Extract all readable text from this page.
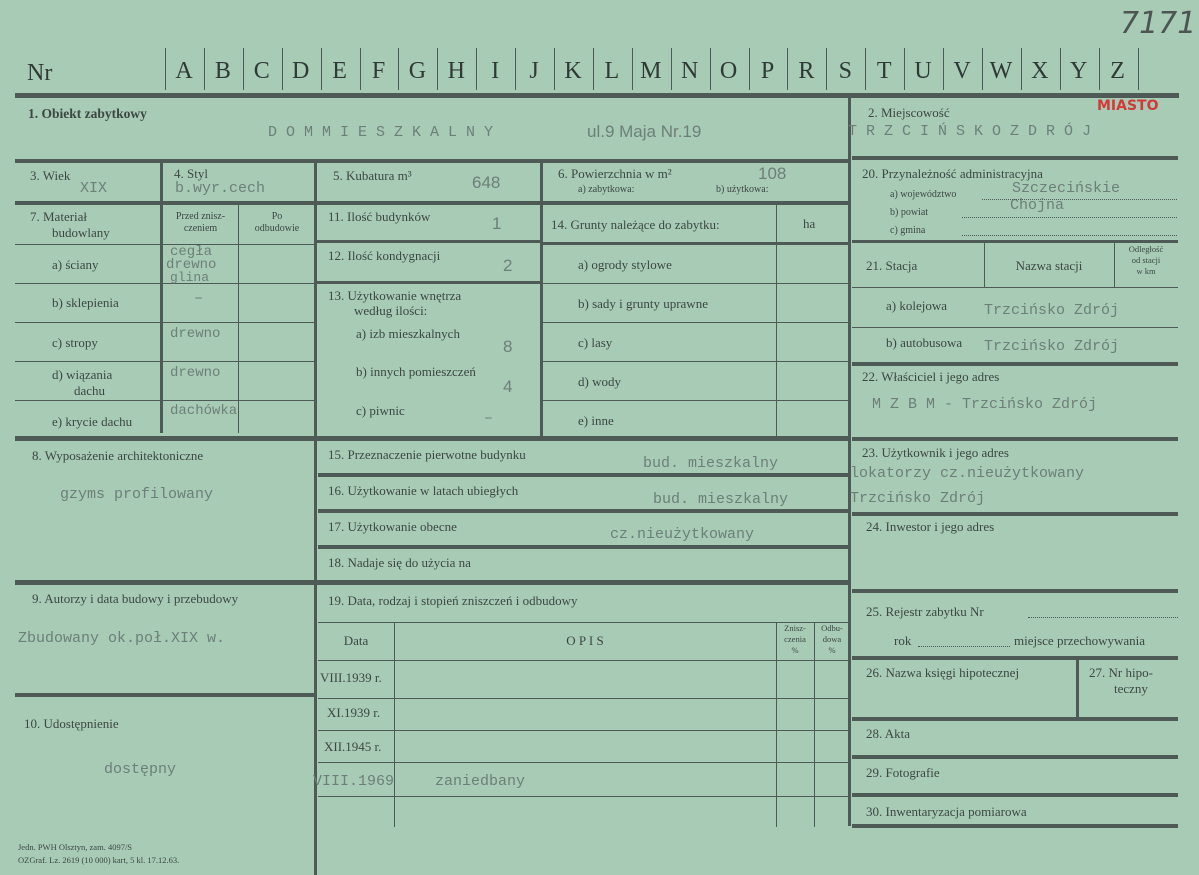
Nr	A B C D E	F G H	I	J	K L M N O P	R	S	T U V W X Y Z
7171
1. Obiekt zabytkowy
D O M M I E S Z K A L N Y	ul.9 Maja Nr.19
2. Miejscowość	MIASTO
T R Z C I Ń S K O Z D R Ó J
3. Wiek
XIX
4. Styl
b.wyr.cech
5. Kubatura m³	648	6. Powierzchnia w m²
a) zabytkowa:	b) użytkowa:
108
7. Materiał
budowlany
Przed znisz-
czeniem
Po
odbudowie
a) ściany
cegła
drewno
glina
b) sklepienia	–
c) stropy
drewno
d) wiązania
dachu
drewno
e) krycie dachu
dachówka
11. Ilość budynków	1
12. Ilość kondygnacji
2
13. Użytkowanie wnętrza
według ilości:
a) izb mieszkalnych
8
b) innych pomieszczeń
4
c) piwnic	–
14. Grunty należące do zabytku:	ha
a) ogrody stylowe
b) sady i grunty uprawne
c) lasy
d) wody
e) inne
8. Wyposażenie architektoniczne
gzyms profilowany
9. Autorzy i data budowy i przebudowy
Zbudowany ok.poł.XIX w.
10. Udostępnienie
dostępny
15. Przeznaczenie pierwotne budynku
bud. mieszkalny
16. Użytkowanie w latach ubiegłych
bud. mieszkalny
17. Użytkowanie obecne	cz.nieużytkowany
18. Nadaje się do użycia na
19. Data, rodzaj i stopień zniszczeń i odbudowy
Data	O P I S
Znisz-
czenia
%
Odbu-
dowa
%
VIII.1939 r.
XI.1939 r.
XII.1945 r.
VIII.1969	zaniedbany
20. Przynależność administracyjna
a) województwo	Szczecińskie
b) powiat	Chojna
c) gmina
21. Stacja	Nazwa stacji
Odległość
od stacji
w km
a) kolejowa Trzcińsko Zdrój
b) autobusowa Trzcińsko Zdrój
22. Właściciel i jego adres
M Z B M - Trzcińsko Zdrój
23. Użytkownik i jego adres
lokatorzy cz.nieużytkowany
Trzcińsko Zdrój
24. Inwestor i jego adres
25. Rejestr zabytku Nr
rok	miejsce przechowywania
26. Nazwa księgi hipotecznej	27. Nr hipo-
teczny
28. Akta
29. Fotografie
30. Inwentaryzacja pomiarowa
Jedn. PWH Olsztyn, zam. 4097/S
OZGraf. Lz. 2619 (10 000) kart, 5 kl. 17.12.63.
